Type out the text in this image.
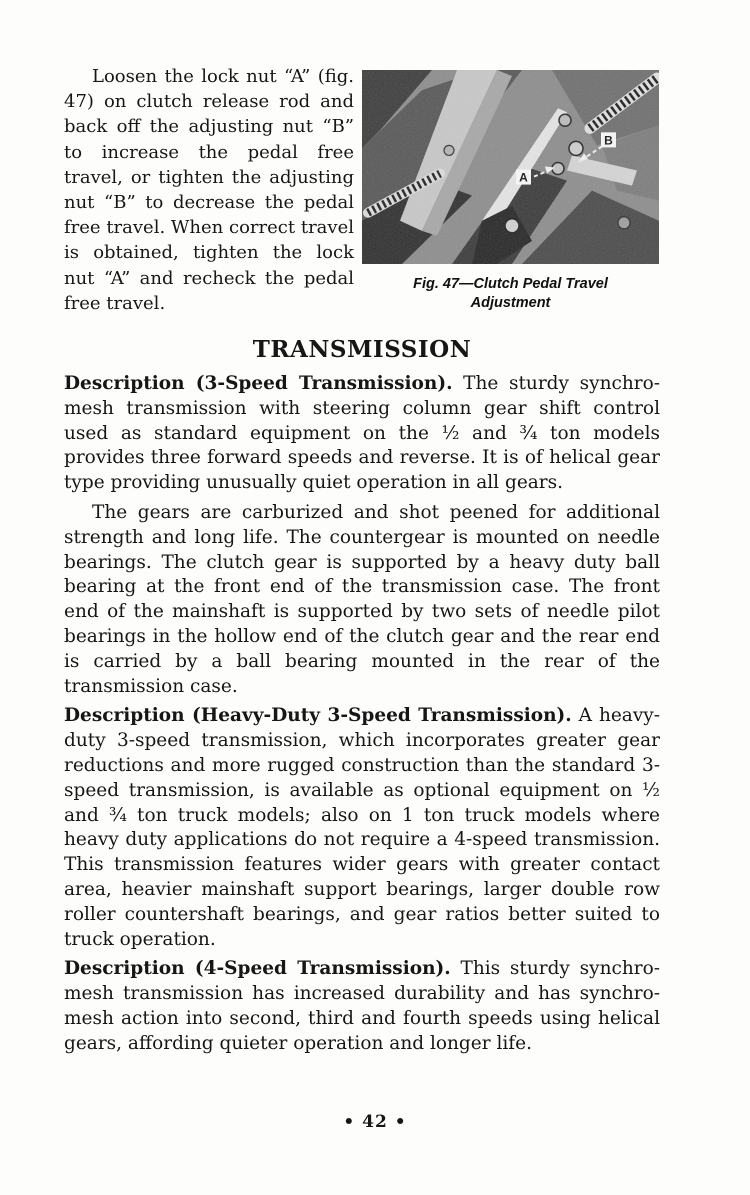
Loosen the lock nut “A” (fig. 47) on clutch release rod and back off the adjusting nut “B” to increase the pedal free travel, or tighten the adjusting nut “B” to decrease the pedal free travel. When correct travel is obtained, tighten the lock nut “A” and recheck the pedal free travel.

B
A
Fig. 47—Clutch Pedal Travel
Adjustment
TRANSMISSION

Description (3-Speed Transmission). The sturdy synchro-mesh transmission with steering column gear shift control used as standard equipment on the ½ and ¾ ton models provides three forward speeds and reverse. It is of helical gear type providing unusually quiet operation in all gears.

The gears are carburized and shot peened for additional strength and long life. The countergear is mounted on needle bearings. The clutch gear is supported by a heavy duty ball bearing at the front end of the transmission case. The front end of the mainshaft is supported by two sets of needle pilot bearings in the hollow end of the clutch gear and the rear end is carried by a ball bearing mounted in the rear of the transmission case.

Description (Heavy-Duty 3-Speed Transmission). A heavy-duty 3-speed transmission, which incorporates greater gear reductions and more rugged construction than the standard 3-speed transmission, is available as optional equipment on ½ and ¾ ton truck models; also on 1 ton truck models where heavy duty applications do not require a 4-speed transmission. This transmission features wider gears with greater contact area, heavier mainshaft support bearings, larger double row roller countershaft bearings, and gear ratios better suited to truck operation.

Description (4-Speed Transmission). This sturdy synchro-mesh transmission has increased durability and has synchro-mesh action into second, third and fourth speeds using helical gears, affording quieter operation and longer life.

• 42 •
